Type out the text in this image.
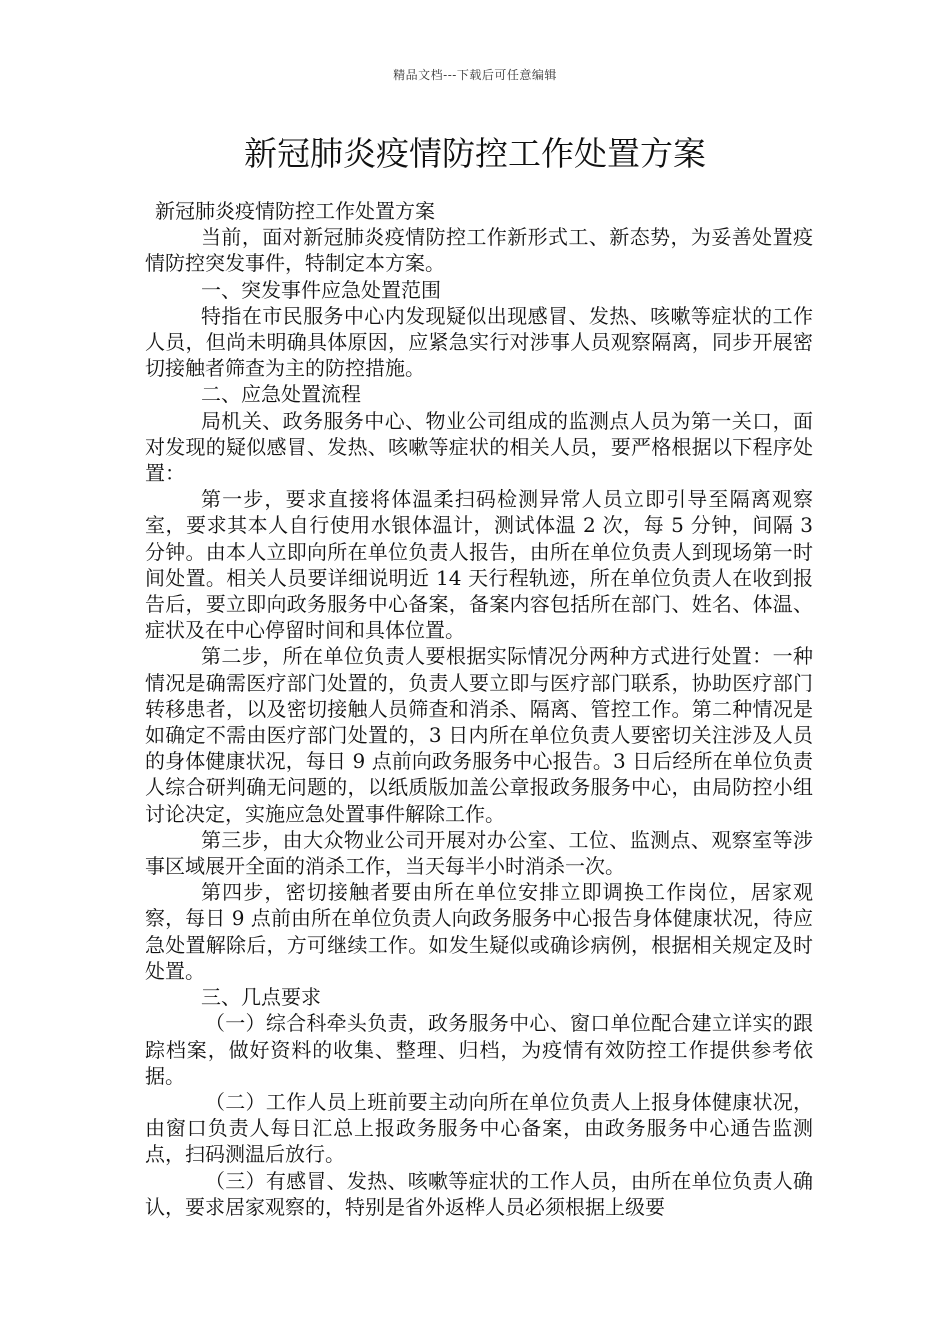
精品文档---下载后可任意编辑
新冠肺炎疫情防控工作处置方案

新冠肺炎疫情防控工作处置方案

当前，面对新冠肺炎疫情防控工作新形式工、新态势，为妥善处置疫情防控突发事件，特制定本方案。

一、突发事件应急处置范围

特指在市民服务中心内发现疑似出现感冒、发热、咳嗽等症状的工作人员，但尚未明确具体原因，应紧急实行对涉事人员观察隔离，同步开展密切接触者筛查为主的防控措施。

二、应急处置流程

局机关、政务服务中心、物业公司组成的监测点人员为第一关口，面对发现的疑似感冒、发热、咳嗽等症状的相关人员，要严格根据以下程序处置：

第一步，要求直接将体温柔扫码检测异常人员立即引导至隔离观察室，要求其本人自行使用水银体温计，测试体温 2 次，每 5 分钟，间隔 3 分钟。由本人立即向所在单位负责人报告，由所在单位负责人到现场第一时间处置。相关人员要详细说明近 14 天行程轨迹，所在单位负责人在收到报告后，要立即向政务服务中心备案，备案内容包括所在部门、姓名、体温、症状及在中心停留时间和具体位置。

第二步，所在单位负责人要根据实际情况分两种方式进行处置：一种情况是确需医疗部门处置的，负责人要立即与医疗部门联系，协助医疗部门转移患者，以及密切接触人员筛查和消杀、隔离、管控工作。第二种情况是如确定不需由医疗部门处置的，3 日内所在单位负责人要密切关注涉及人员的身体健康状况，每日 9 点前向政务服务中心报告。3 日后经所在单位负责人综合研判确无问题的，以纸质版加盖公章报政务服务中心，由局防控小组讨论决定，实施应急处置事件解除工作。

第三步，由大众物业公司开展对办公室、工位、监测点、观察室等涉事区域展开全面的消杀工作，当天每半小时消杀一次。

第四步，密切接触者要由所在单位安排立即调换工作岗位，居家观察，每日 9 点前由所在单位负责人向政务服务中心报告身体健康状况，待应急处置解除后，方可继续工作。如发生疑似或确诊病例，根据相关规定及时处置。

三、几点要求

（一）综合科牵头负责，政务服务中心、窗口单位配合建立详实的跟踪档案，做好资料的收集、整理、归档，为疫情有效防控工作提供参考依据。

（二）工作人员上班前要主动向所在单位负责人上报身体健康状况，由窗口负责人每日汇总上报政务服务中心备案，由政务服务中心通告监测点，扫码测温后放行。

（三）有感冒、发热、咳嗽等症状的工作人员，由所在单位负责人确认，要求居家观察的，特别是省外返桦人员必须根据上级要
